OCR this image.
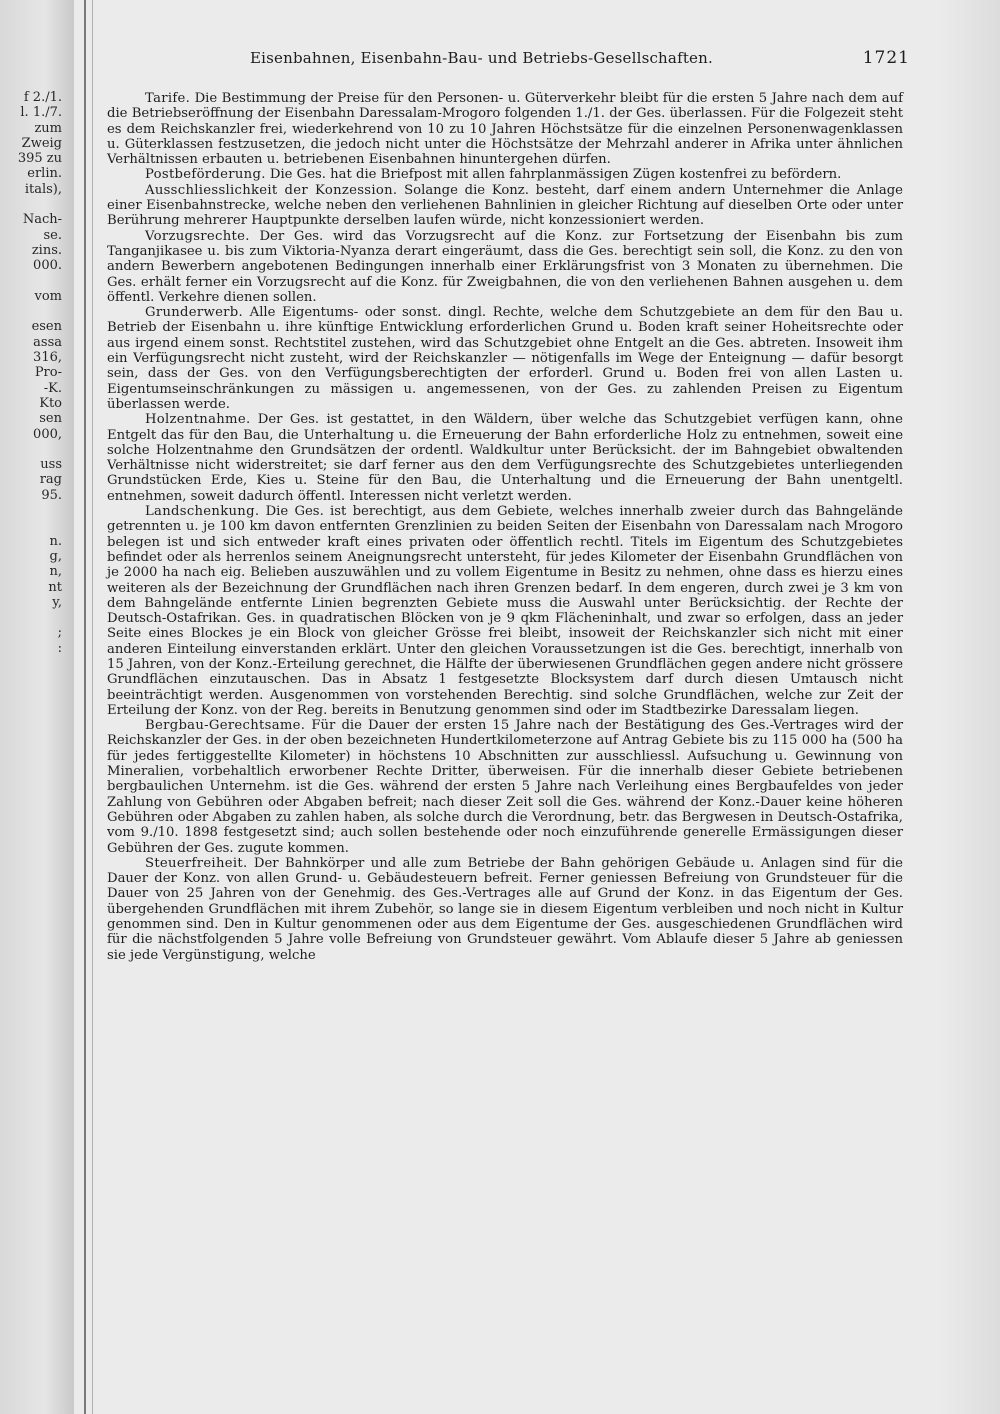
f 2./1.
l. 1./7.
zum
Zweig
395 zu
erlin.
itals),
Nach-
se.
zins.
000.
vom
esen
assa
316,
Pro-
-K.
Kto
sen
000,
uss
rag
95.
n.
g,
n,
nt
y,
;
:
Eisenbahnen, Eisenbahn-Bau- und Betriebs-Gesellschaften.	1721

Tarife. Die Bestimmung der Preise für den Personen- u. Güterverkehr bleibt für die ersten 5 Jahre nach dem auf die Betriebseröffnung der Eisenbahn Daressalam-Mrogoro folgenden 1./1. der Ges. überlassen. Für die Folgezeit steht es dem Reichskanzler frei, wiederkehrend von 10 zu 10 Jahren Höchstsätze für die einzelnen Personenwagenklassen u. Güterklassen festzusetzen, die jedoch nicht unter die Höchstsätze der Mehrzahl anderer in Afrika unter ähnlichen Verhältnissen erbauten u. betriebenen Eisenbahnen hinuntergehen dürfen.

Postbeförderung. Die Ges. hat die Briefpost mit allen fahrplanmässigen Zügen kostenfrei zu befördern.

Ausschliesslichkeit der Konzession. Solange die Konz. besteht, darf einem andern Unternehmer die Anlage einer Eisenbahnstrecke, welche neben den verliehenen Bahnlinien in gleicher Richtung auf dieselben Orte oder unter Berührung mehrerer Hauptpunkte derselben laufen würde, nicht konzessioniert werden.

Vorzugsrechte. Der Ges. wird das Vorzugsrecht auf die Konz. zur Fortsetzung der Eisenbahn bis zum Tanganjikasee u. bis zum Viktoria-Nyanza derart eingeräumt, dass die Ges. berechtigt sein soll, die Konz. zu den von andern Bewerbern angebotenen Bedingungen innerhalb einer Erklärungsfrist von 3 Monaten zu übernehmen. Die Ges. erhält ferner ein Vorzugsrecht auf die Konz. für Zweigbahnen, die von den verliehenen Bahnen ausgehen u. dem öffentl. Verkehre dienen sollen.

Grunderwerb. Alle Eigentums- oder sonst. dingl. Rechte, welche dem Schutzgebiete an dem für den Bau u. Betrieb der Eisenbahn u. ihre künftige Entwicklung erforderlichen Grund u. Boden kraft seiner Hoheitsrechte oder aus irgend einem sonst. Rechtstitel zustehen, wird das Schutzgebiet ohne Entgelt an die Ges. abtreten. Insoweit ihm ein Verfügungsrecht nicht zusteht, wird der Reichskanzler — nötigenfalls im Wege der Enteignung — dafür besorgt sein, dass der Ges. von den Verfügungsberechtigten der erforderl. Grund u. Boden frei von allen Lasten u. Eigentumseinschränkungen zu mässigen u. angemessenen, von der Ges. zu zahlenden Preisen zu Eigentum überlassen werde.

Holzentnahme. Der Ges. ist gestattet, in den Wäldern, über welche das Schutzgebiet verfügen kann, ohne Entgelt das für den Bau, die Unterhaltung u. die Erneuerung der Bahn erforderliche Holz zu entnehmen, soweit eine solche Holzentnahme den Grundsätzen der ordentl. Waldkultur unter Berücksicht. der im Bahngebiet obwaltenden Verhältnisse nicht widerstreitet; sie darf ferner aus den dem Verfügungsrechte des Schutzgebietes unterliegenden Grundstücken Erde, Kies u. Steine für den Bau, die Unterhaltung und die Erneuerung der Bahn unentgeltl. entnehmen, soweit dadurch öffentl. Interessen nicht verletzt werden.

Landschenkung. Die Ges. ist berechtigt, aus dem Gebiete, welches innerhalb zweier durch das Bahngelände getrennten u. je 100 km davon entfernten Grenzlinien zu beiden Seiten der Eisenbahn von Daressalam nach Mrogoro belegen ist und sich entweder kraft eines privaten oder öffentlich rechtl. Titels im Eigentum des Schutzgebietes befindet oder als herrenlos seinem Aneignungsrecht untersteht, für jedes Kilometer der Eisenbahn Grundflächen von je 2000 ha nach eig. Belieben auszuwählen und zu vollem Eigentume in Besitz zu nehmen, ohne dass es hierzu eines weiteren als der Bezeichnung der Grundflächen nach ihren Grenzen bedarf. In dem engeren, durch zwei je 3 km von dem Bahngelände entfernte Linien begrenzten Gebiete muss die Auswahl unter Berücksichtig. der Rechte der Deutsch-Ostafrikan. Ges. in quadratischen Blöcken von je 9 qkm Flächeninhalt, und zwar so erfolgen, dass an jeder Seite eines Blockes je ein Block von gleicher Grösse frei bleibt, insoweit der Reichskanzler sich nicht mit einer anderen Einteilung einverstanden erklärt. Unter den gleichen Voraussetzungen ist die Ges. berechtigt, innerhalb von 15 Jahren, von der Konz.-Erteilung gerechnet, die Hälfte der überwiesenen Grundflächen gegen andere nicht grössere Grundflächen einzutauschen. Das in Absatz 1 festgesetzte Blocksystem darf durch diesen Umtausch nicht beeinträchtigt werden. Ausgenommen von vorstehenden Berechtig. sind solche Grundflächen, welche zur Zeit der Erteilung der Konz. von der Reg. bereits in Benutzung genommen sind oder im Stadtbezirke Daressalam liegen.

Bergbau-Gerechtsame. Für die Dauer der ersten 15 Jahre nach der Bestätigung des Ges.-Vertrages wird der Reichskanzler der Ges. in der oben bezeichneten Hundertkilometerzone auf Antrag Gebiete bis zu 115 000 ha (500 ha für jedes fertiggestellte Kilometer) in höchstens 10 Abschnitten zur ausschliessl. Aufsuchung u. Gewinnung von Mineralien, vorbehaltlich erworbener Rechte Dritter, überweisen. Für die innerhalb dieser Gebiete betriebenen bergbaulichen Unternehm. ist die Ges. während der ersten 5 Jahre nach Verleihung eines Bergbaufeldes von jeder Zahlung von Gebühren oder Abgaben befreit; nach dieser Zeit soll die Ges. während der Konz.-Dauer keine höheren Gebühren oder Abgaben zu zahlen haben, als solche durch die Verordnung, betr. das Bergwesen in Deutsch-Ostafrika, vom 9./10. 1898 festgesetzt sind; auch sollen bestehende oder noch einzuführende generelle Ermässigungen dieser Gebühren der Ges. zugute kommen.

Steuerfreiheit. Der Bahnkörper und alle zum Betriebe der Bahn gehörigen Gebäude u. Anlagen sind für die Dauer der Konz. von allen Grund- u. Gebäudesteuern befreit. Ferner geniessen Befreiung von Grundsteuer für die Dauer von 25 Jahren von der Genehmig. des Ges.-Vertrages alle auf Grund der Konz. in das Eigentum der Ges. übergehenden Grundflächen mit ihrem Zubehör, so lange sie in diesem Eigentum verbleiben und noch nicht in Kultur genommen sind. Den in Kultur genommenen oder aus dem Eigentume der Ges. ausgeschiedenen Grundflächen wird für die nächstfolgenden 5 Jahre volle Befreiung von Grundsteuer gewährt. Vom Ablaufe dieser 5 Jahre ab geniessen sie jede Vergünstigung, welche
